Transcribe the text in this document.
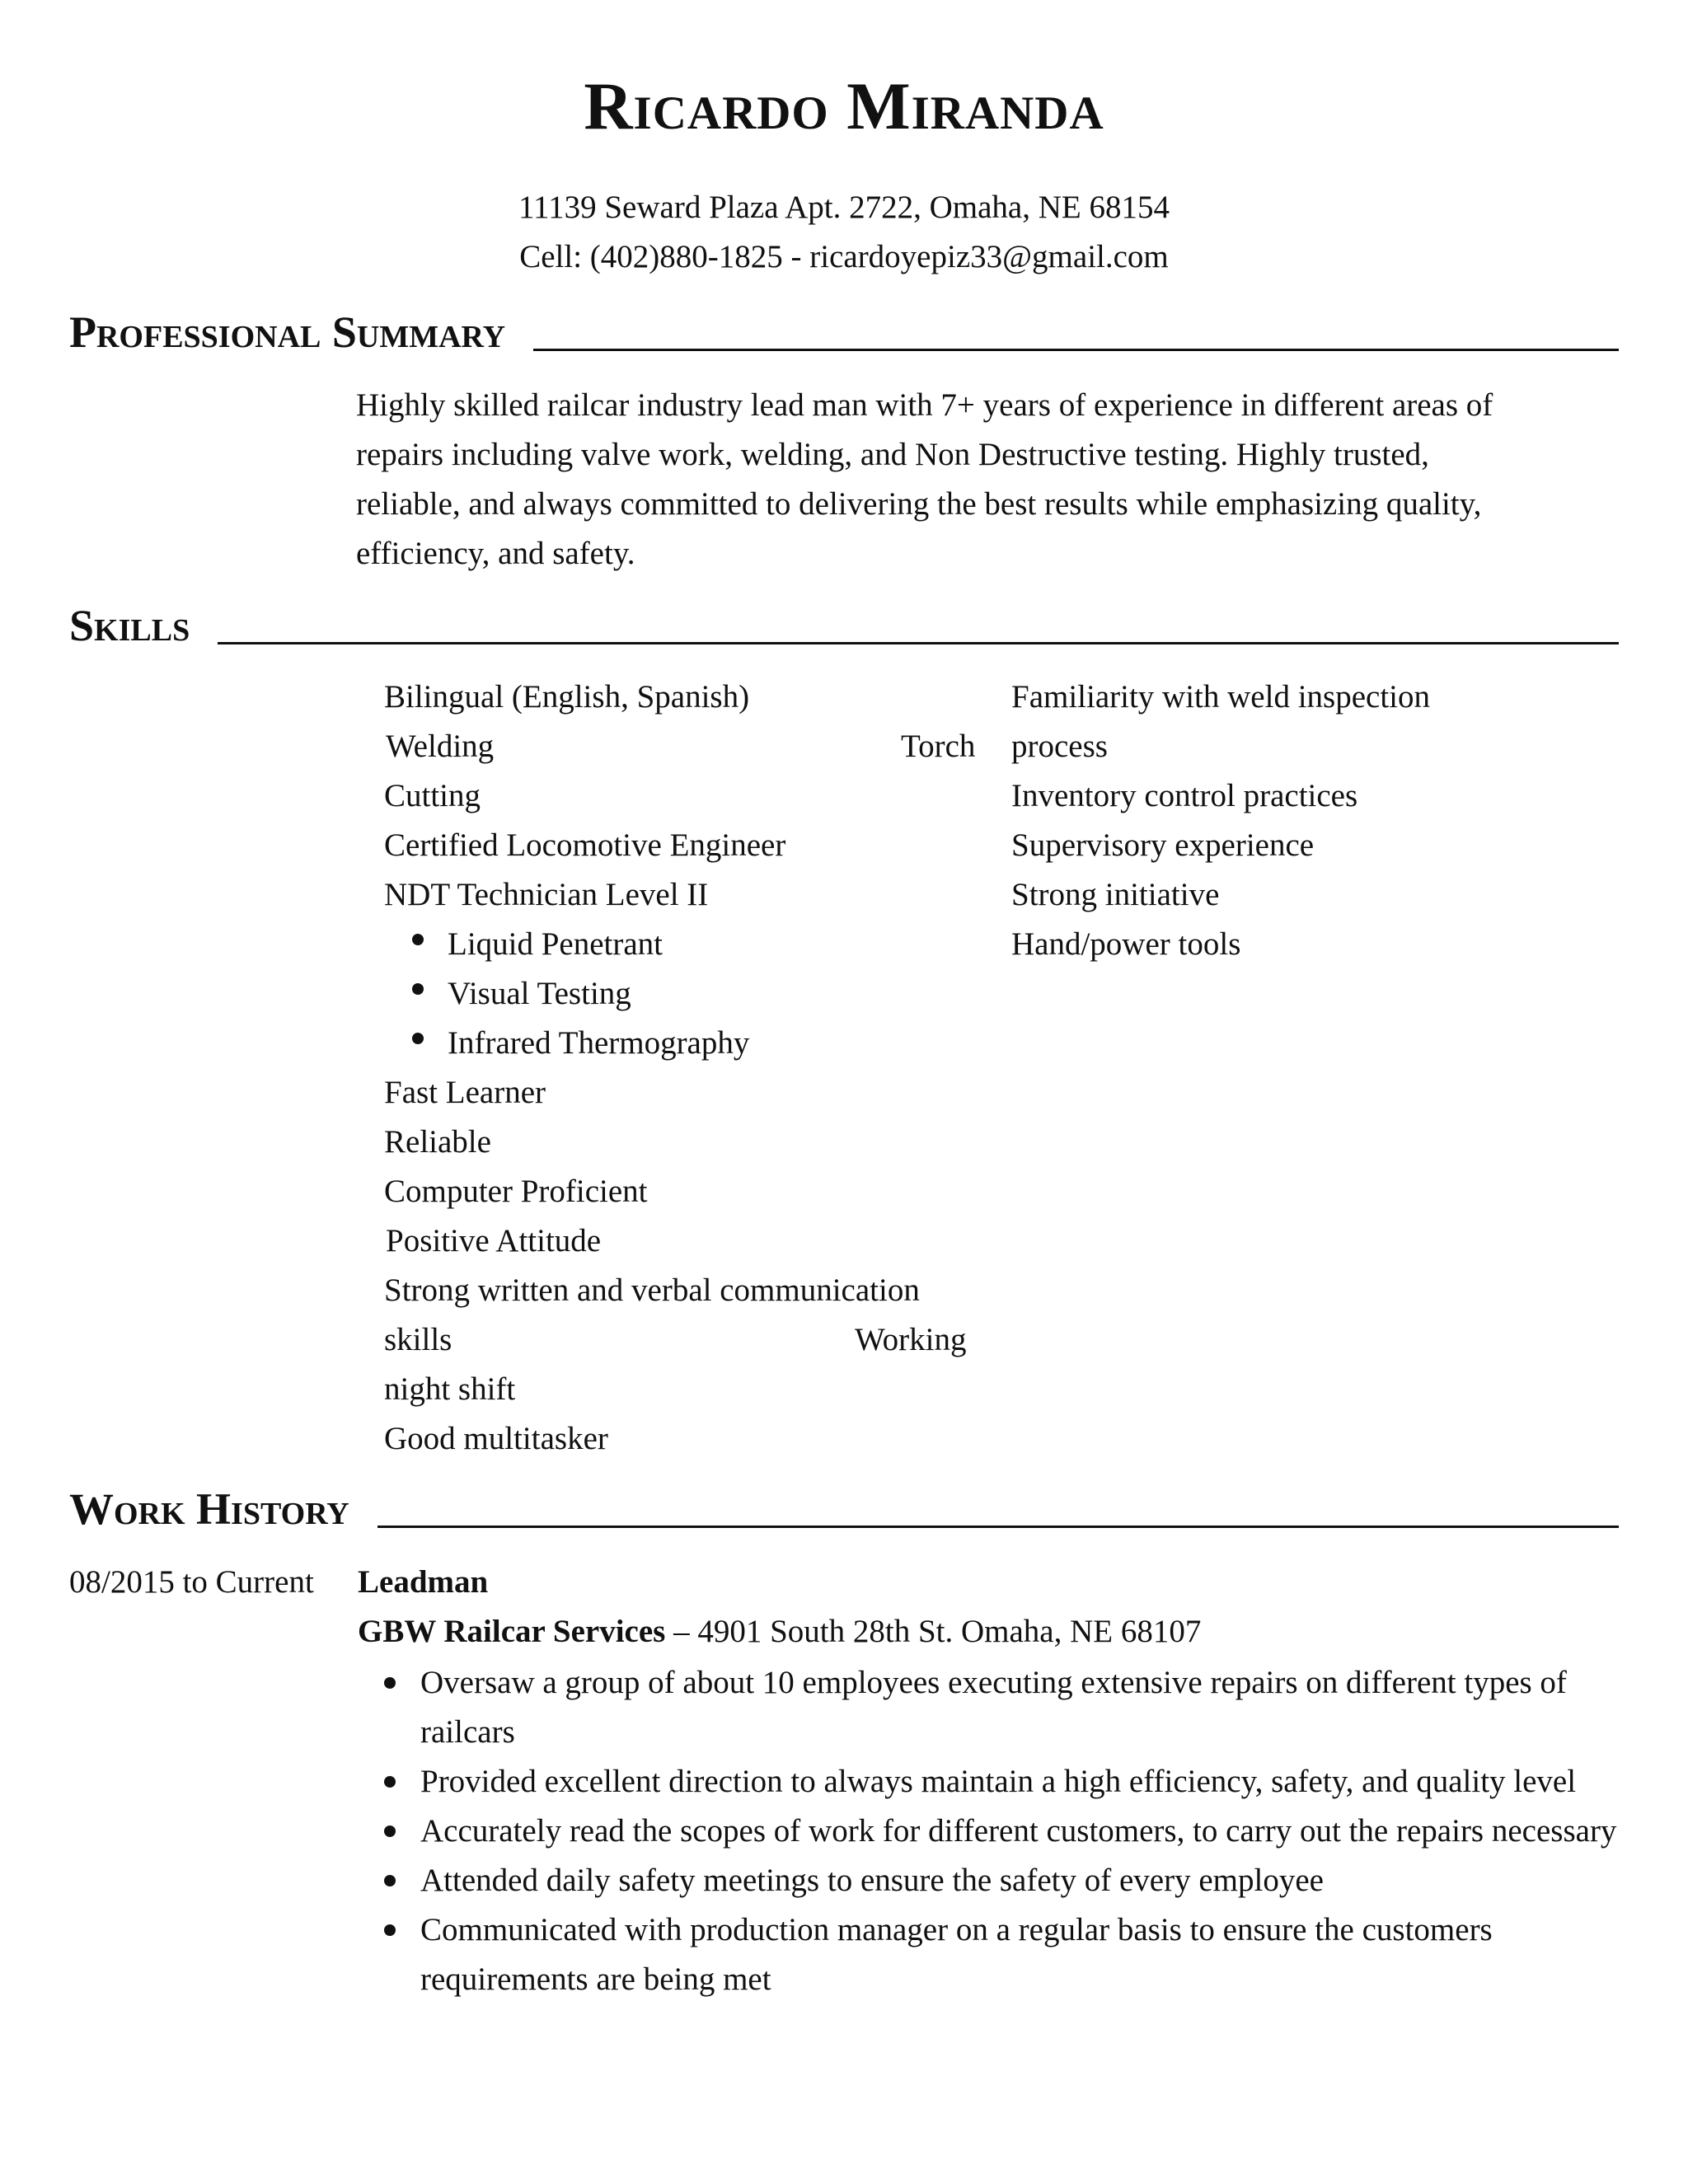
Ricardo Miranda
11139 Seward Plaza Apt. 2722, Omaha, NE 68154
Cell: (402)880-1825 - ricardoyepiz33@gmail.com
Professional Summary
Highly skilled railcar industry lead man with 7+ years of experience in different areas of
repairs including valve work, welding, and Non Destructive testing. Highly trusted,
reliable, and always committed to delivering the best results while emphasizing quality,
efficiency, and safety.
Skills
Bilingual (English, Spanish)
Welding	Torch
Cutting
Certified Locomotive Engineer
NDT Technician Level II
Liquid Penetrant
Visual Testing
Infrared Thermography
Fast Learner
Reliable
Computer Proficient
Positive Attitude
Strong written and verbal communication
skills	Working
night shift
Good multitasker
Familiarity with weld inspection
process
Inventory control practices
Supervisory experience
Strong initiative
Hand/power tools
Work History
08/2015 to Current Leadman
GBW Railcar Services – 4901 South 28th St. Omaha, NE 68107
Oversaw a group of about 10 employees executing extensive repairs on different types of railcars
Provided excellent direction to always maintain a high efficiency, safety, and quality level
Accurately read the scopes of work for different customers, to carry out the repairs necessary
Attended daily safety meetings to ensure the safety of every employee
Communicated with production manager on a regular basis to ensure the customers requirements are being met
